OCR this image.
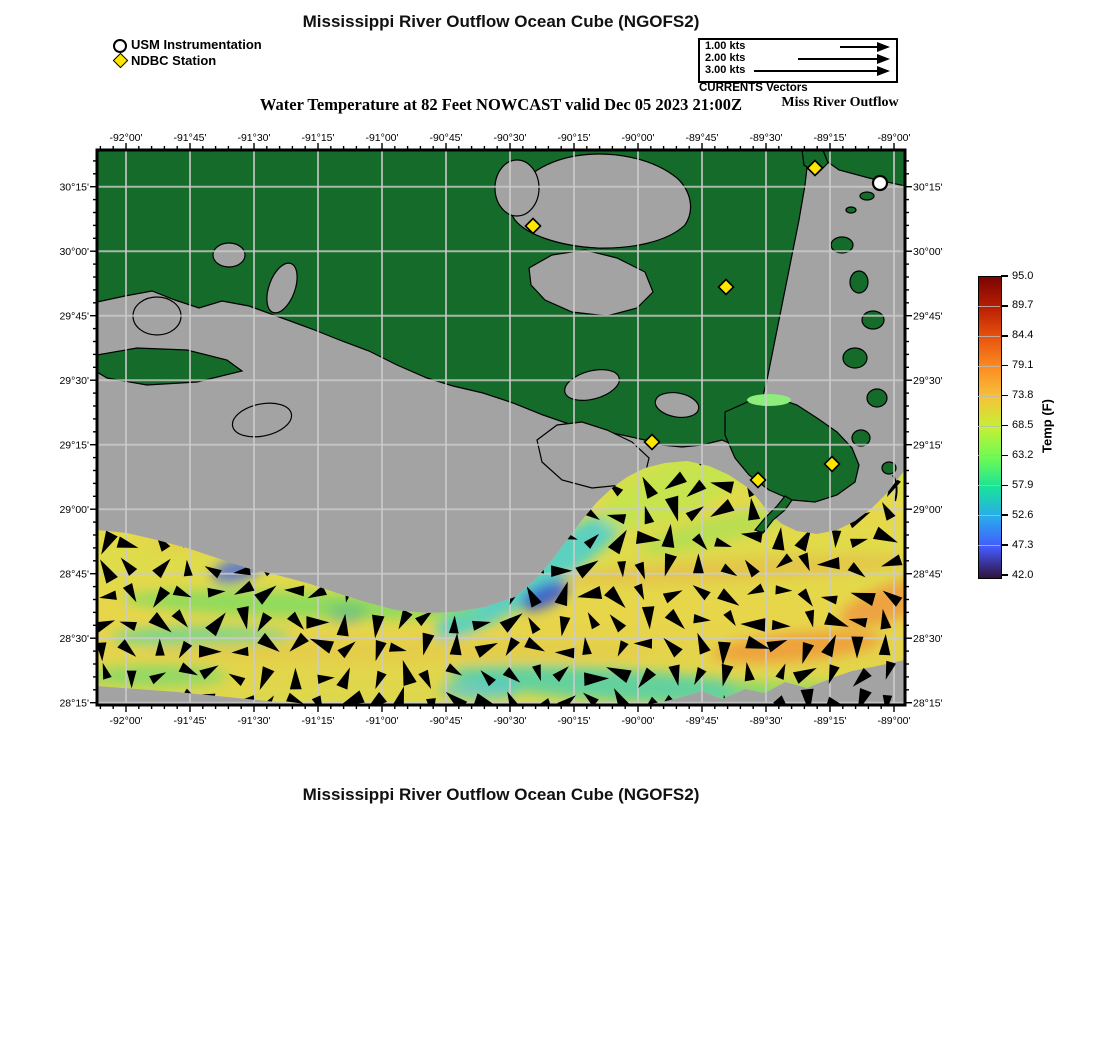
Mississippi River Outflow Ocean Cube (NGOFS2)
USM Instrumentation
NDBC Station
1.00 kts
2.00 kts
3.00 kts
CURRENTS Vectors
Miss River Outflow
Water Temperature at 82 Feet NOWCAST valid Dec 05 2023 21:00Z
-92°00'
-92°00'
-91°45'
-91°45'
-91°30'
-91°30'
-91°15'
-91°15'
-91°00'
-91°00'
-90°45'
-90°45'
-90°30'
-90°30'
-90°15'
-90°15'
-90°00'
-90°00'
-89°45'
-89°45'
-89°30'
-89°30'
-89°15'
-89°15'
-89°00'
-89°00'
30°15'	30°15'
30°00'	30°00'
29°45'	29°45'
29°30'	29°30'
29°15'	29°15'
29°00'	29°00'
28°45'	28°45'
28°30'	28°30'
28°15'	28°15'
95.0
89.7
84.4
79.1
73.8
68.5
63.2
57.9
52.6
47.3
42.0
Temp (F)
Mississippi River Outflow Ocean Cube (NGOFS2)
